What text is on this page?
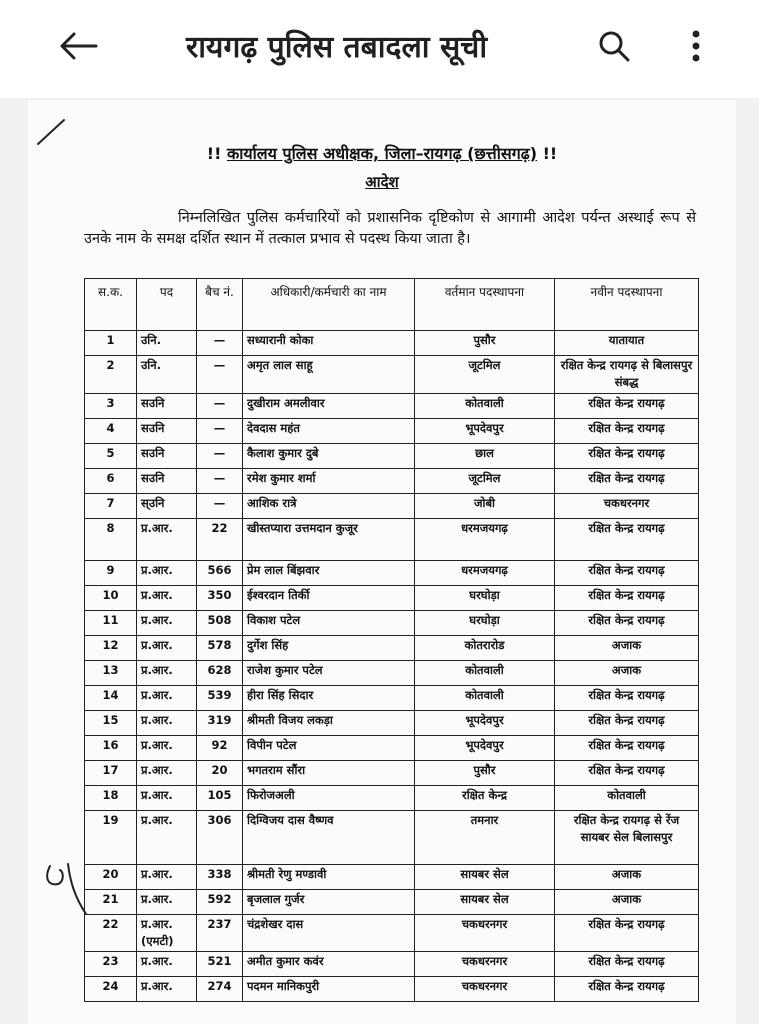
रायगढ़ पुलिस तबादला सूची
!! कार्यालय पुलिस अधीक्षक, जिला–रायगढ़ (छत्तीसगढ़) !!
आदेश
निम्नलिखित पुलिस कर्मचारियों को प्रशासनिक दृष्टिकोण से आगामी आदेश पर्यन्त अस्थाई रूप से उनके नाम के समक्ष दर्शित स्थान में तत्काल प्रभाव से पदस्थ किया जाता है।
स.क.	पद	बैच नं.	अधिकारी/कर्मचारी का नाम	वर्तमान पदस्थापना	नवीन पदस्थापना
1	उनि.	—	सध्यारानी कोका	पुसौर	यातायात
2	उनि.	—	अमृत लाल साहू	जूटमिल	रक्षित केन्द्र रायगढ़ से बिलासपुर संबद्ध
3	सउनि	—	दुखीराम अमलीवार	कोतवाली	रक्षित केन्द्र रायगढ़
4	सउनि	—	देवदास महंत	भूपदेवपुर	रक्षित केन्द्र रायगढ़
5	सउनि	—	कैलाश कुमार दुबे	छाल	रक्षित केन्द्र रायगढ़
6	सउनि	—	रमेश कुमार शर्मा	जूटमिल	रक्षित केन्द्र रायगढ़
7	स्उनि	—	आशिक रात्रे	जोबी	चकधरनगर
8	प्र.आर.	22	खीस्तप्यारा उत्तमदान कुजूर	धरमजयगढ़	रक्षित केन्द्र रायगढ़
9	प्र.आर.	566	प्रेम लाल बिंझवार	धरमजयगढ़	रक्षित केन्द्र रायगढ़
10	प्र.आर.	350	ईश्वरदान तिर्की	घरघोड़ा	रक्षित केन्द्र रायगढ़
11	प्र.आर.	508	विकाश पटेल	घरघोड़ा	रक्षित केन्द्र रायगढ़
12	प्र.आर.	578	दुर्गेश सिंह	कोतरारोड	अजाक
13	प्र.आर.	628	राजेश कुमार पटेल	कोतवाली	अजाक
14	प्र.आर.	539	हीरा सिंह सिदार	कोतवाली	रक्षित केन्द्र रायगढ़
15	प्र.आर.	319	श्रीमती विजय लकड़ा	भूपदेवपुर	रक्षित केन्द्र रायगढ़
16	प्र.आर.	92	विपीन पटेल	भूपदेवपुर	रक्षित केन्द्र रायगढ़
17	प्र.आर.	20	भगतराम सौंरा	पुसौर	रक्षित केन्द्र रायगढ़
18	प्र.आर.	105	फिरोजअली	रक्षित केन्द्र	कोतवाली
19	प्र.आर.	306	दिग्विजय दास वैष्णव	तमनार	रक्षित केन्द्र रायगढ़ से रेंज सायबर सेल बिलासपुर
20	प्र.आर.	338	श्रीमती रेणु मण्डावी	सायबर सेल	अजाक
21	प्र.आर.	592	बृजलाल गुर्जर	सायबर सेल	अजाक
22	प्र.आर. (एमटी)	237	चंद्रशेखर दास	चकधरनगर	रक्षित केन्द्र रायगढ़
23	प्र.आर.	521	अमीत कुमार कवंर	चकधरनगर	रक्षित केन्द्र रायगढ़
24	प्र.आर.	274	पदमन मानिकपुरी	चकधरनगर	रक्षित केन्द्र रायगढ़
